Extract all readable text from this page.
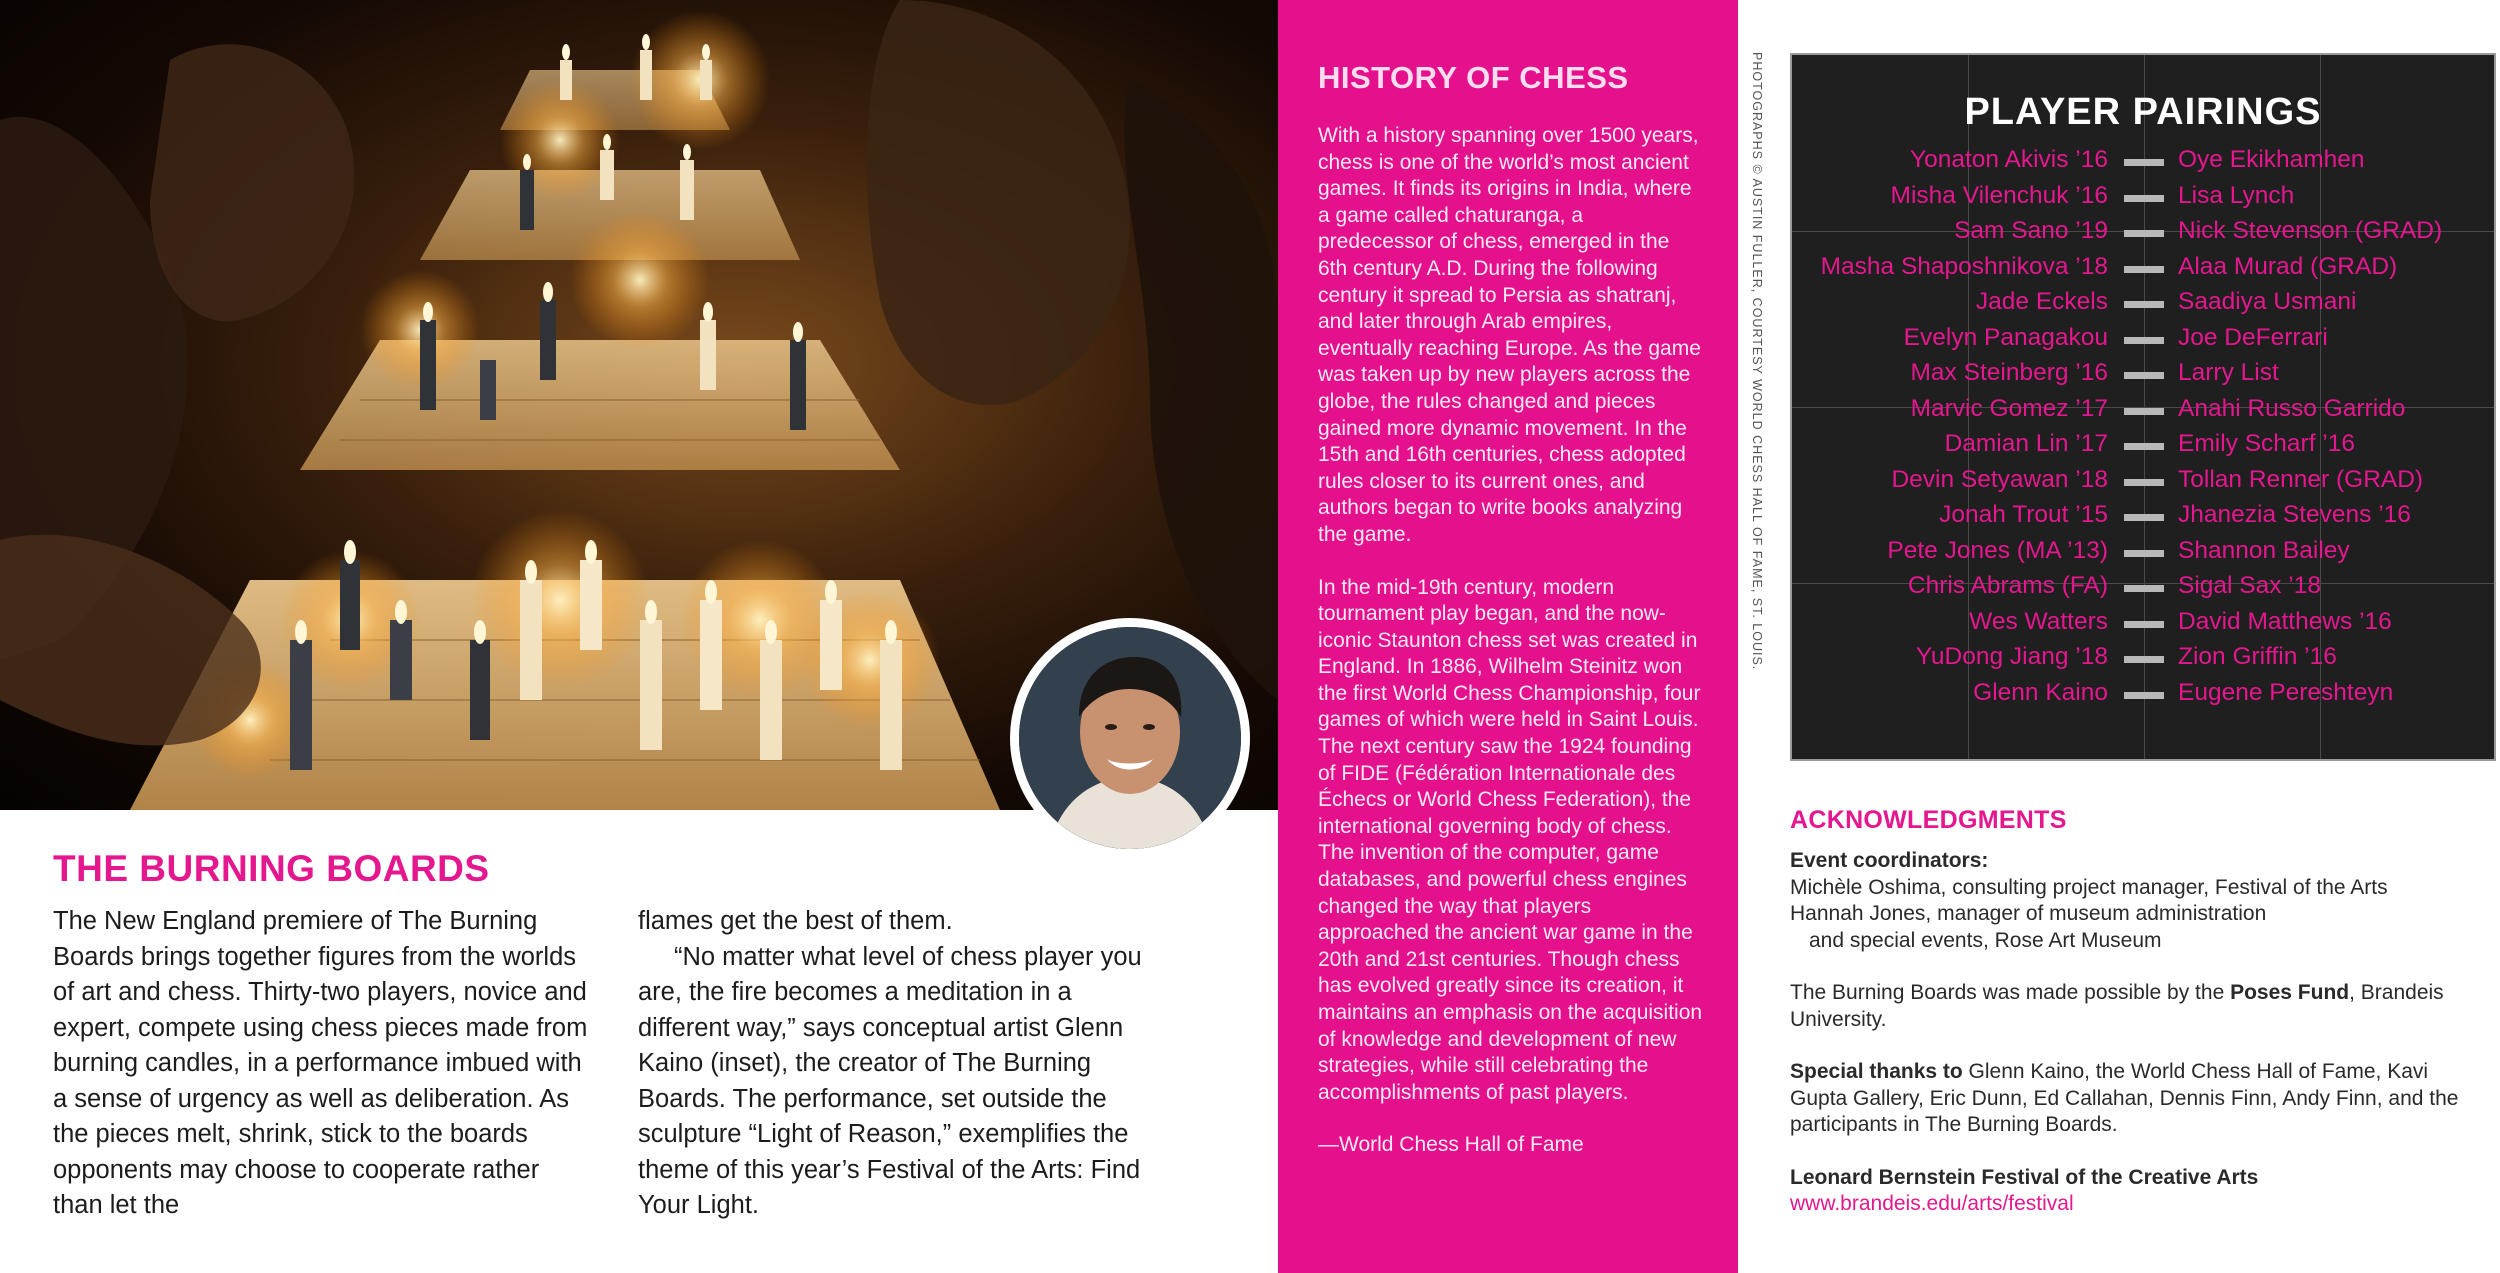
THE BURNING BOARDS

The New England premiere of The Burning Boards brings together figures from the worlds of art and chess. Thirty-two players, novice and expert, compete using chess pieces made from burning candles, in a performance imbued with a sense of urgency as well as deliberation. As the pieces melt, shrink, stick to the boards opponents may choose to cooperate rather than let the

flames get the best of them.

“No matter what level of chess player you are, the fire becomes a meditation in a different way,” says conceptual artist Glenn Kaino (inset), the creator of The Burning Boards. The performance, set outside the sculpture “Light of Reason,” exemplifies the theme of this year’s Festival of the Arts: Find Your Light.

HISTORY OF CHESS

With a history spanning over 1500 years, chess is one of the world’s most ancient games. It finds its origins in India, where a game called chaturanga, a predecessor of chess, emerged in the 6th century A.D. During the following century it spread to Persia as shatranj, and later through Arab empires, eventually reaching Europe. As the game was taken up by new players across the globe, the rules changed and pieces gained more dynamic movement. In the 15th and 16th centuries, chess adopted rules closer to its current ones, and authors began to write books analyzing the game.

In the mid-19th century, modern tournament play began, and the now-iconic Staunton chess set was created in England. In 1886, Wilhelm Steinitz won the first World Chess Championship, four games of which were held in Saint Louis. The next century saw the 1924 founding of FIDE (Fédération Internationale des Échecs or World Chess Federation), the international governing body of chess. The invention of the computer, game databases, and powerful chess engines changed the way that players approached the ancient war game in the 20th and 21st centuries. Though chess has evolved greatly since its creation, it maintains an emphasis on the acquisition of knowledge and development of new strategies, while still celebrating the accomplishments of past players.

—World Chess Hall of Fame

PHOTOGRAPHS © AUSTIN FULLER, COURTESY WORLD CHESS HALL OF FAME, ST. LOUIS.	PLAYER PAIRINGS
Yonaton Akivis ’16	Oye Ekikhamhen
Misha Vilenchuk ’16	Lisa Lynch
Sam Sano ’19	Nick Stevenson (GRAD)
Masha Shaposhnikova ’18	Alaa Murad (GRAD)
Jade Eckels	Saadiya Usmani
Evelyn Panagakou	Joe DeFerrari
Max Steinberg ’16	Larry List
Marvic Gomez ’17	Anahi Russo Garrido
Damian Lin ’17	Emily Scharf ’16
Devin Setyawan ’18	Tollan Renner (GRAD)
Jonah Trout ’15	Jhanezia Stevens ’16
Pete Jones (MA ’13)	Shannon Bailey
Chris Abrams (FA)	Sigal Sax ’18
Wes Watters	David Matthews ’16
YuDong Jiang ’18	Zion Griffin ’16
Glenn Kaino	Eugene Pereshteyn
ACKNOWLEDGMENTS

Event coordinators:
Michèle Oshima, consulting project manager, Festival of the Arts
Hannah Jones, manager of museum administration
and special events, Rose Art Museum

The Burning Boards was made possible by the Poses Fund, Brandeis University.

Special thanks to Glenn Kaino, the World Chess Hall of Fame, Kavi Gupta Gallery, Eric Dunn, Ed Callahan, Dennis Finn, Andy Finn, and the participants in The Burning Boards.

Leonard Bernstein Festival of the Creative Arts
www.brandeis.edu/arts/festival
